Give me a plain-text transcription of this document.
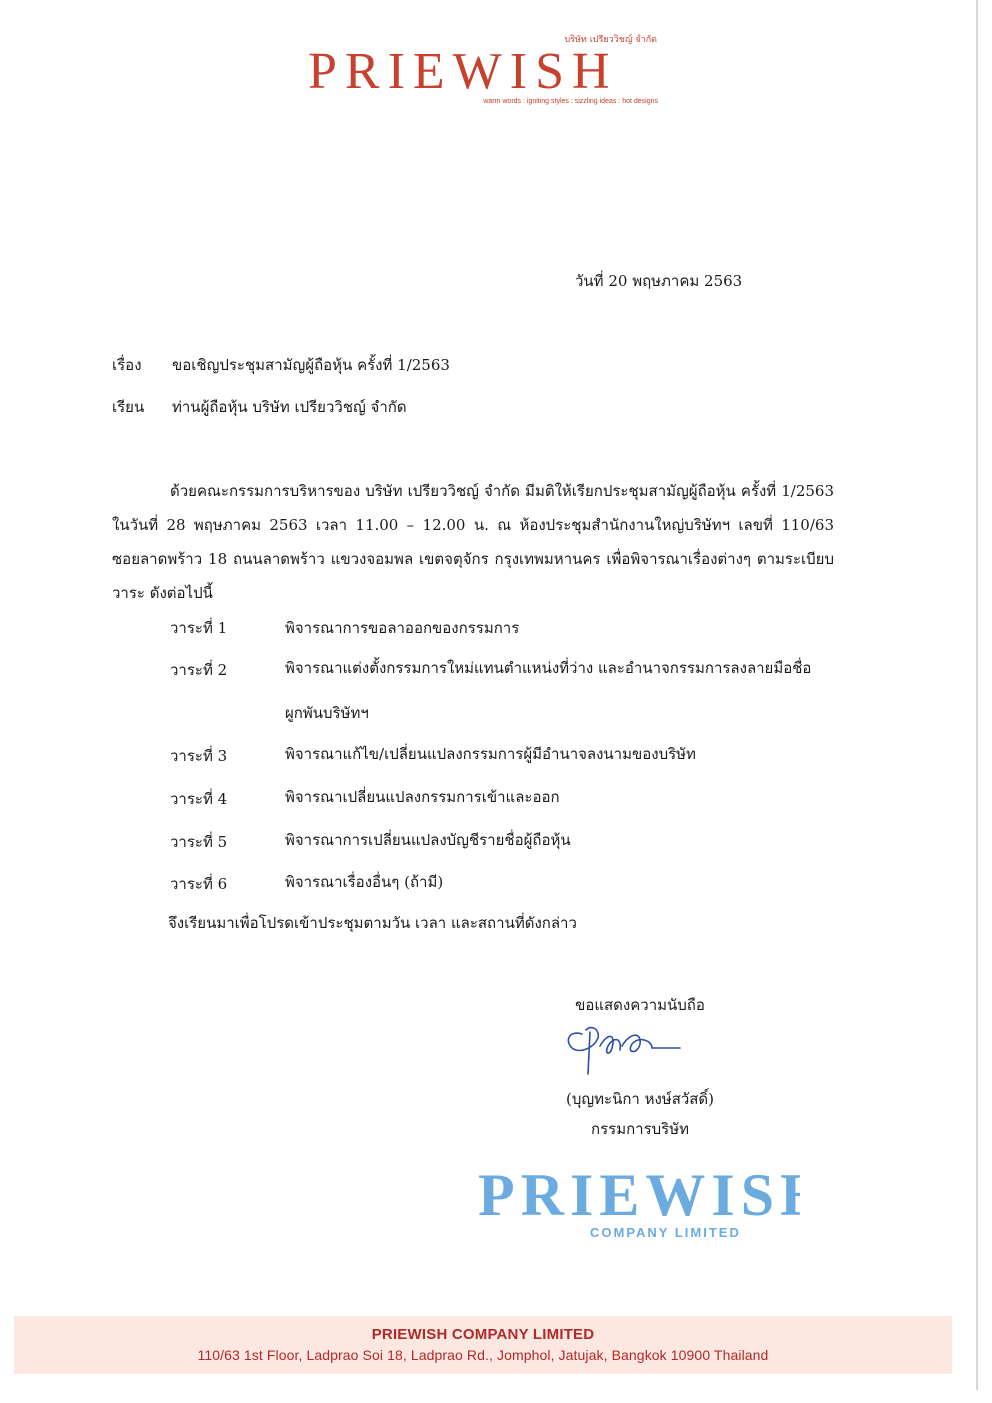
บริษัท เปรียววิชญ์ จำกัด
PRIEWISH
warm words : igniting styles : sizzling ideas : hot designs
วันที่ 20 พฤษภาคม 2563
เรื่อง	ขอเชิญประชุมสามัญผู้ถือหุ้น ครั้งที่ 1/2563
เรียน	ท่านผู้ถือหุ้น บริษัท เปรียววิชญ์ จำกัด
ด้วยคณะกรรมการบริหารของ บริษัท เปรียววิชญ์ จำกัด มีมติให้เรียกประชุมสามัญผู้ถือหุ้น ครั้งที่ 1/2563
ในวันที่ 28 พฤษภาคม 2563 เวลา 11.00 – 12.00 น. ณ ห้องประชุมสำนักงานใหญ่บริษัทฯ เลขที่ 110/63
ซอยลาดพร้าว 18 ถนนลาดพร้าว แขวงจอมพล เขตจตุจักร กรุงเทพมหานคร เพื่อพิจารณาเรื่องต่างๆ ตามระเบียบ
วาระ ดังต่อไปนี้
วาระที่ 1	พิจารณาการขอลาออกของกรรมการ
วาระที่ 2	พิจารณาแต่งตั้งกรรมการใหม่แทนตำแหน่งที่ว่าง และอำนาจกรรมการลงลายมือชื่อ
ผูกพันบริษัทฯ
วาระที่ 3	พิจารณาแก้ไข/เปลี่ยนแปลงกรรมการผู้มีอำนาจลงนามของบริษัท
วาระที่ 4	พิจารณาเปลี่ยนแปลงกรรมการเข้าและออก
วาระที่ 5	พิจารณาการเปลี่ยนแปลงบัญชีรายชื่อผู้ถือหุ้น
วาระที่ 6	พิจารณาเรื่องอื่นๆ (ถ้ามี)
จึงเรียนมาเพื่อโปรดเข้าประชุมตามวัน เวลา และสถานที่ดังกล่าว
ขอแสดงความนับถือ
(บุญทะนิกา หงษ์สวัสดิ์)
กรรมการบริษัท
PRIEWISH
COMPANY LIMITED
PRIEWISH COMPANY LIMITED
110/63 1st Floor, Ladprao Soi 18, Ladprao Rd., Jomphol, Jatujak, Bangkok 10900 Thailand
